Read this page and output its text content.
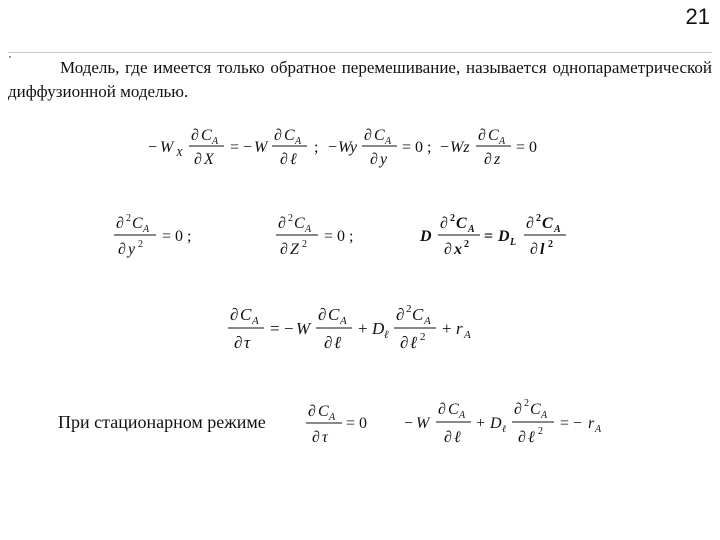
21

Модель, где имеется только обратное перемешивание, называется однопараметрической диффузионной моделью.

− W X
∂ C A
∂ X
= − W
∂ C A
∂ ℓ
; − Wy
∂ C A
∂ y
= 0 ; − Wz
∂ C A
∂ z
= 0
∂ 2 C A
∂ y 2 = 0 ;
∂ 2 C A
∂ Z 2 = 0 ;	D
∂ 2 C A
∂ x 2 = D L
∂ 2 C A
∂ l 2
∂ C A
∂ τ
= − W
∂ C A
∂ ℓ
+ D ℓ
∂ 2 C A
∂ ℓ 2 + r A
При стационарном режиме
∂ C A
∂ τ
= 0 − W
∂ C A
∂ ℓ
+ D ℓ
∂ 2 C A
∂ ℓ 2 = − r A
